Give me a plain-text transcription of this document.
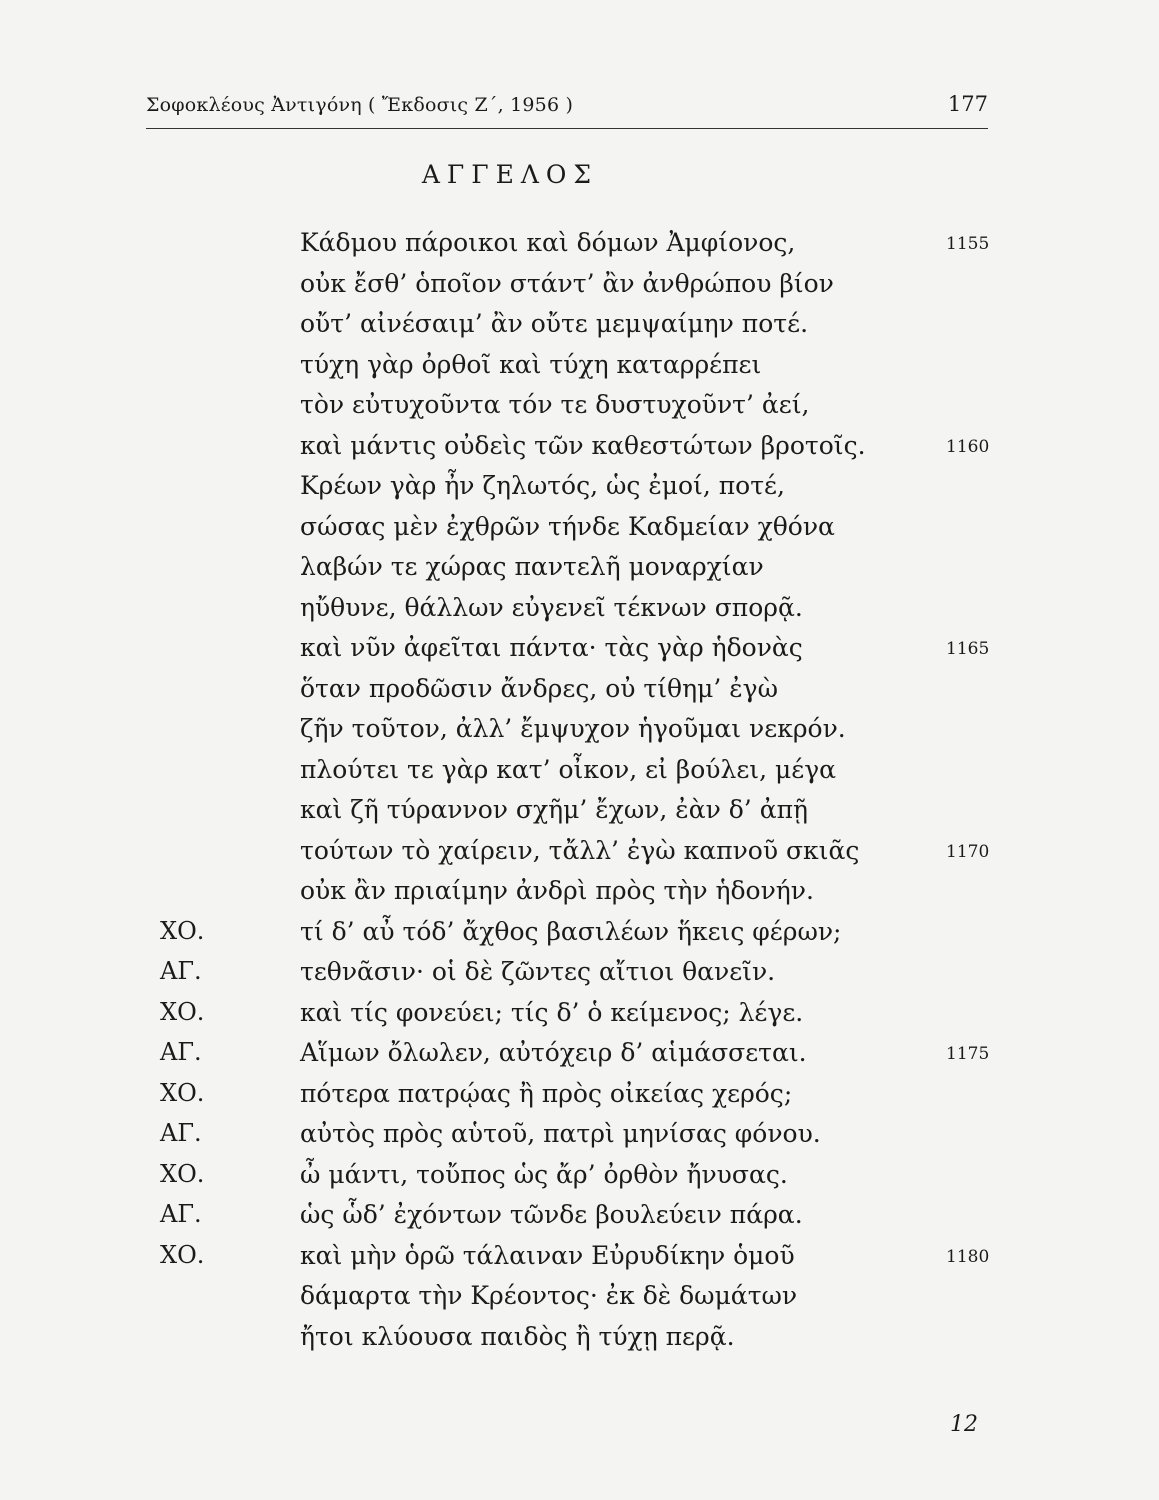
Σοφοκλέους Ἀντιγόνη ( Ἔκδοσις Ζ΄, 1956 )	177
ΑΓΓΕΛΟΣ
Κάδμου πάροικοι καὶ δόμων Ἀμφίονος,	1155
οὐκ ἔσθ’ ὁποῖον στάντ’ ἂν ἀνθρώπου βίον
οὔτ’ αἰνέσαιμ’ ἂν οὔτε μεμψαίμην ποτέ.
τύχη γὰρ ὀρθοῖ καὶ τύχη καταρρέπει
τὸν εὐτυχοῦντα τόν τε δυστυχοῦντ’ ἀεί,
καὶ μάντις οὐδεὶς τῶν καθεστώτων βροτοῖς.	1160
Κρέων γὰρ ἦν ζηλωτός, ὡς ἐμοί, ποτέ,
σώσας μὲν ἐχθρῶν τήνδε Καδμείαν χθόνα
λαβών τε χώρας παντελῆ μοναρχίαν
ηὔθυνε, θάλλων εὐγενεῖ τέκνων σπορᾷ.
καὶ νῦν ἀφεῖται πάντα· τὰς γὰρ ἡδονὰς	1165
ὅταν προδῶσιν ἄνδρες, οὐ τίθημ’ ἐγὼ
ζῆν τοῦτον, ἀλλ’ ἔμψυχον ἡγοῦμαι νεκρόν.
πλούτει τε γὰρ κατ’ οἶκον, εἰ βούλει, μέγα
καὶ ζῆ τύραννον σχῆμ’ ἔχων, ἐὰν δ’ ἀπῇ
τούτων τὸ χαίρειν, τἄλλ’ ἐγὼ καπνοῦ σκιᾶς	1170
οὐκ ἂν πριαίμην ἀνδρὶ πρὸς τὴν ἡδονήν.
ΧΟ.	τί δ’ αὖ τόδ’ ἄχθος βασιλέων ἥκεις φέρων;
ΑΓ.	τεθνᾶσιν· οἱ δὲ ζῶντες αἴτιοι θανεῖν.
ΧΟ.	καὶ τίς φονεύει; τίς δ’ ὁ κείμενος; λέγε.
ΑΓ.	Αἵμων ὄλωλεν, αὐτόχειρ δ’ αἱμάσσεται.	1175
ΧΟ.	πότερα πατρῴας ἢ πρὸς οἰκείας χερός;
ΑΓ.	αὐτὸς πρὸς αὑτοῦ, πατρὶ μηνίσας φόνου.
ΧΟ.	ὦ μάντι, τοὔπος ὡς ἄρ’ ὀρθὸν ἤνυσας.
ΑΓ.	ὡς ὧδ’ ἐχόντων τῶνδε βουλεύειν πάρα.
ΧΟ.	καὶ μὴν ὁρῶ τάλαιναν Εὐρυδίκην ὁμοῦ	1180
δάμαρτα τὴν Κρέοντος· ἐκ δὲ δωμάτων
ἤτοι κλύουσα παιδὸς ἢ τύχῃ περᾷ.
12
